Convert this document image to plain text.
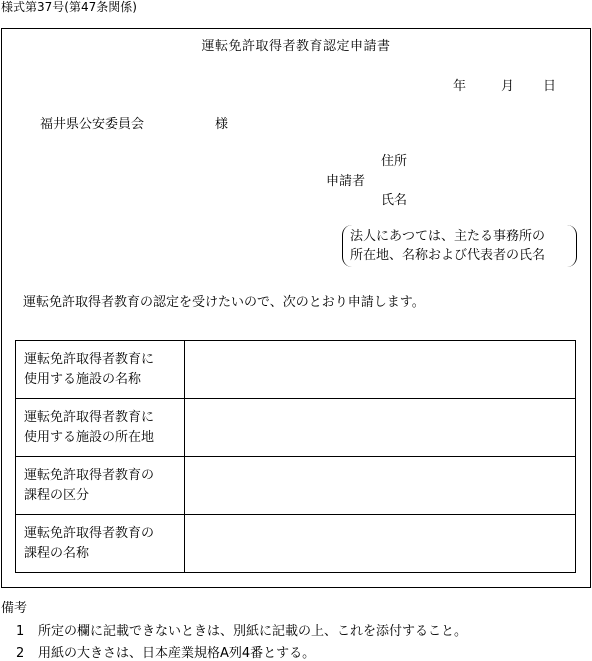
様式第37号(第47条関係)
運転免許取得者教育認定申請書
年	月 日
福井県公安委員会	様
住所
申請者
氏名
法人にあつては、主たる事務所の
所在地、名称および代表者の氏名
運転免許取得者教育の認定を受けたいので、次のとおり申請します。
運転免許取得者教育に
使用する施設の名称	

運転免許取得者教育に
使用する施設の所在地	

運転免許取得者教育の
課程の区分	

運転免許取得者教育の
課程の名称	

備考
1 所定の欄に記載できないときは、別紙に記載の上、これを添付すること。
2 用紙の大きさは、日本産業規格A列4番とする。
